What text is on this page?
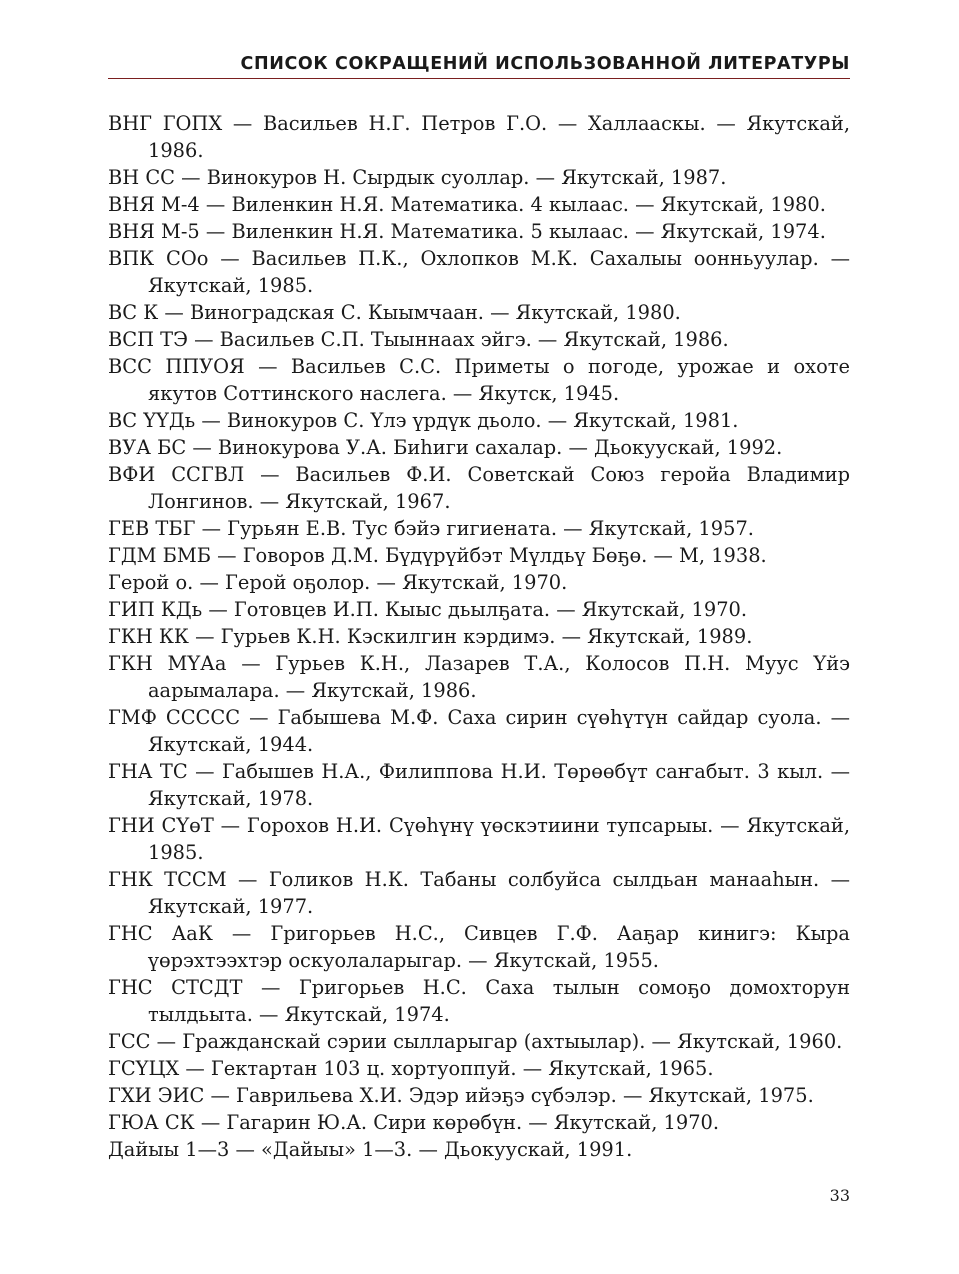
СПИСОК СОКРАЩЕНИЙ ИСПОЛЬЗОВАННОЙ ЛИТЕРАТУРЫ
ВНГ ГОПХ — Васильев Н.Г. Петров Г.О. — Халлааскы. — Якутскай, 1986.
ВН СС — Винокуров Н. Сырдык суоллар. — Якутскай, 1987.
ВНЯ М-4 — Виленкин Н.Я. Математика. 4 кылаас. — Якутскай, 1980.
ВНЯ М-5 — Виленкин Н.Я. Математика. 5 кылаас. — Якутскай, 1974.
ВПК СОо — Васильев П.К., Охлопков М.К. Сахалыы оонньуулар. — Якутскай, 1985.
ВС К — Виноградская С. Кыымчаан. — Якутскай, 1980.
ВСП ТЭ — Васильев С.П. Тыыннаах эйгэ. — Якутскай, 1986.
ВСС ППУОЯ — Васильев С.С. Приметы о погоде, урожае и охоте якутов Соттинского наслега. — Якутск, 1945.
ВС ҮҮДь — Винокуров С. Үлэ үрдүк дьоло. — Якутскай, 1981.
ВУА БС — Винокурова У.А. Биһиги сахалар. — Дьокуускай, 1992.
ВФИ ССГВЛ — Васильев Ф.И. Советскай Союз геройа Владимир Лонгинов. — Якутскай, 1967.
ГЕВ ТБГ — Гурьян Е.В. Тус бэйэ гигиената. — Якутскай, 1957.
ГДМ БМБ — Говоров Д.М. Бүдүрүйбэт Мүлдьү Бөҕө. — М, 1938.
Герой о. — Герой оҕолор. — Якутскай, 1970.
ГИП КДь — Готовцев И.П. Кыыс дьылҕата. — Якутскай, 1970.
ГКН КК — Гурьев К.Н. Кэскилгин кэрдимэ. — Якутскай, 1989.
ГКН МҮАа — Гурьев К.Н., Лазарев Т.А., Колосов П.Н. Муус Үйэ аарымалара. — Якутскай, 1986.
ГМФ СССCC — Габышева М.Ф. Саха сирин сүөһүтүн сайдар суола. — Якутскай, 1944.
ГНА ТС — Габышев Н.А., Филиппова Н.И. Төрөөбүт саҥабыт. 3 кыл. — Якутскай, 1978.
ГНИ СҮөТ — Горохов Н.И. Сүөһүнү үөскэтиини тупсарыы. — Якутскай, 1985.
ГНК ТССМ — Голиков Н.К. Табаны солбуйса сылдьан манааһын. — Якутскай, 1977.
ГНС АаК — Григорьев Н.С., Сивцев Г.Ф. Ааҕар кинигэ: Кыра үөрэхтээхтэр оскуолаларыгар. — Якутскай, 1955.
ГНС СТСДТ — Григорьев Н.С. Саха тылын сомоҕо домохторун тылдьыта. — Якутскай, 1974.
ГСС — Гражданскай сэрии сылларыгар (ахтыылар). — Якутскай, 1960.
ГСҮЦХ — Гектартан 103 ц. хортуоппуй. — Якутскай, 1965.
ГХИ ЭИС — Гаврильева Х.И. Эдэр ийэҕэ сүбэлэр. — Якутскай, 1975.
ГЮА СК — Гагарин Ю.А. Сири көрөбүн. — Якутскай, 1970.
Дайыы 1—3 — «Дайыы» 1—3. — Дьокуускай, 1991.
33
